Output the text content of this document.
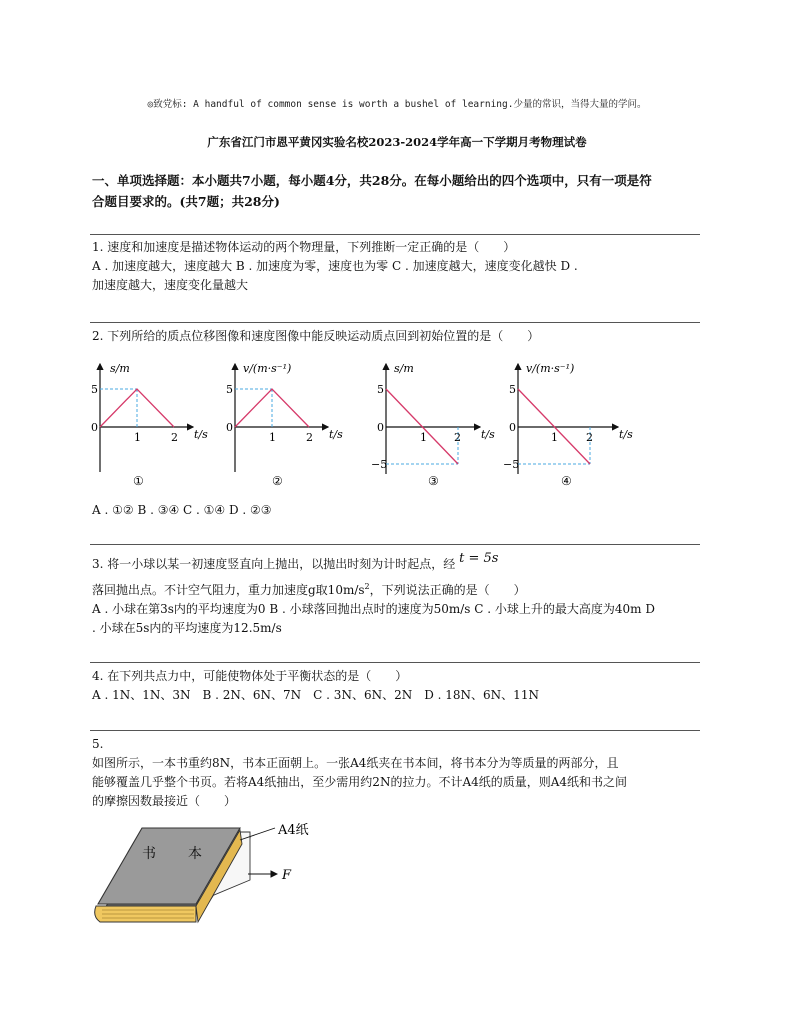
◎致党标: A handful of common sense is worth a bushel of learning.少量的常识，当得大量的学问。
广东省江门市恩平黄冈实验名校2023-2024学年高一下学期月考物理试卷
一、单项选择题：本小题共7小题，每小题4分，共28分。在每小题给出的四个选项中，只有一项是符
合题目要求的。(共7题；共28分)
1. 速度和加速度是描述物体运动的两个物理量，下列推断一定正确的是（　　）
A . 加速度越大，速度越大 B . 加速度为零，速度也为零 C . 加速度越大，速度变化越快 D .
加速度越大，速度变化量越大
2. 下列所给的质点位移图像和速度图像中能反映运动质点回到初始位置的是（　　）
s/m
5
0
1	2 t/s
①
v/(m·s⁻¹)
5
0
1	2 t/s
②
s/m
5
0
−5
1 2 t/s
③
v/(m·s⁻¹)
5
0
−5
1	2 t/s
④
A . ①② B . ③④ C . ①④ D . ②③
3. 将一小球以某一初速度竖直向上抛出，以抛出时刻为计时起点，经 t = 5s
落回抛出点。不计空气阻力，重力加速度g取$10m/s^2$，下列说法正确的是（　　）
A . 小球在第3s内的平均速度为0 B . 小球落回抛出点时的速度为50m/s C . 小球上升的最大高度为40m D
. 小球在5s内的平均速度为12.5m/s
4. 在下列共点力中，可能使物体处于平衡状态的是（　　）
A . 1N、1N、3N　B . 2N、6N、7N　C . 3N、6N、2N　D . 18N、6N、11N
5.
如图所示，一本书重约8N，书本正面朝上。一张A4纸夹在书本间，将书本分为等质量的两部分，且
能够覆盖几乎整个书页。若将A4纸抽出，至少需用约2N的拉力。不计A4纸的质量，则A4纸和书之间
的摩擦因数最接近（　　）
书 本
A4纸
F
